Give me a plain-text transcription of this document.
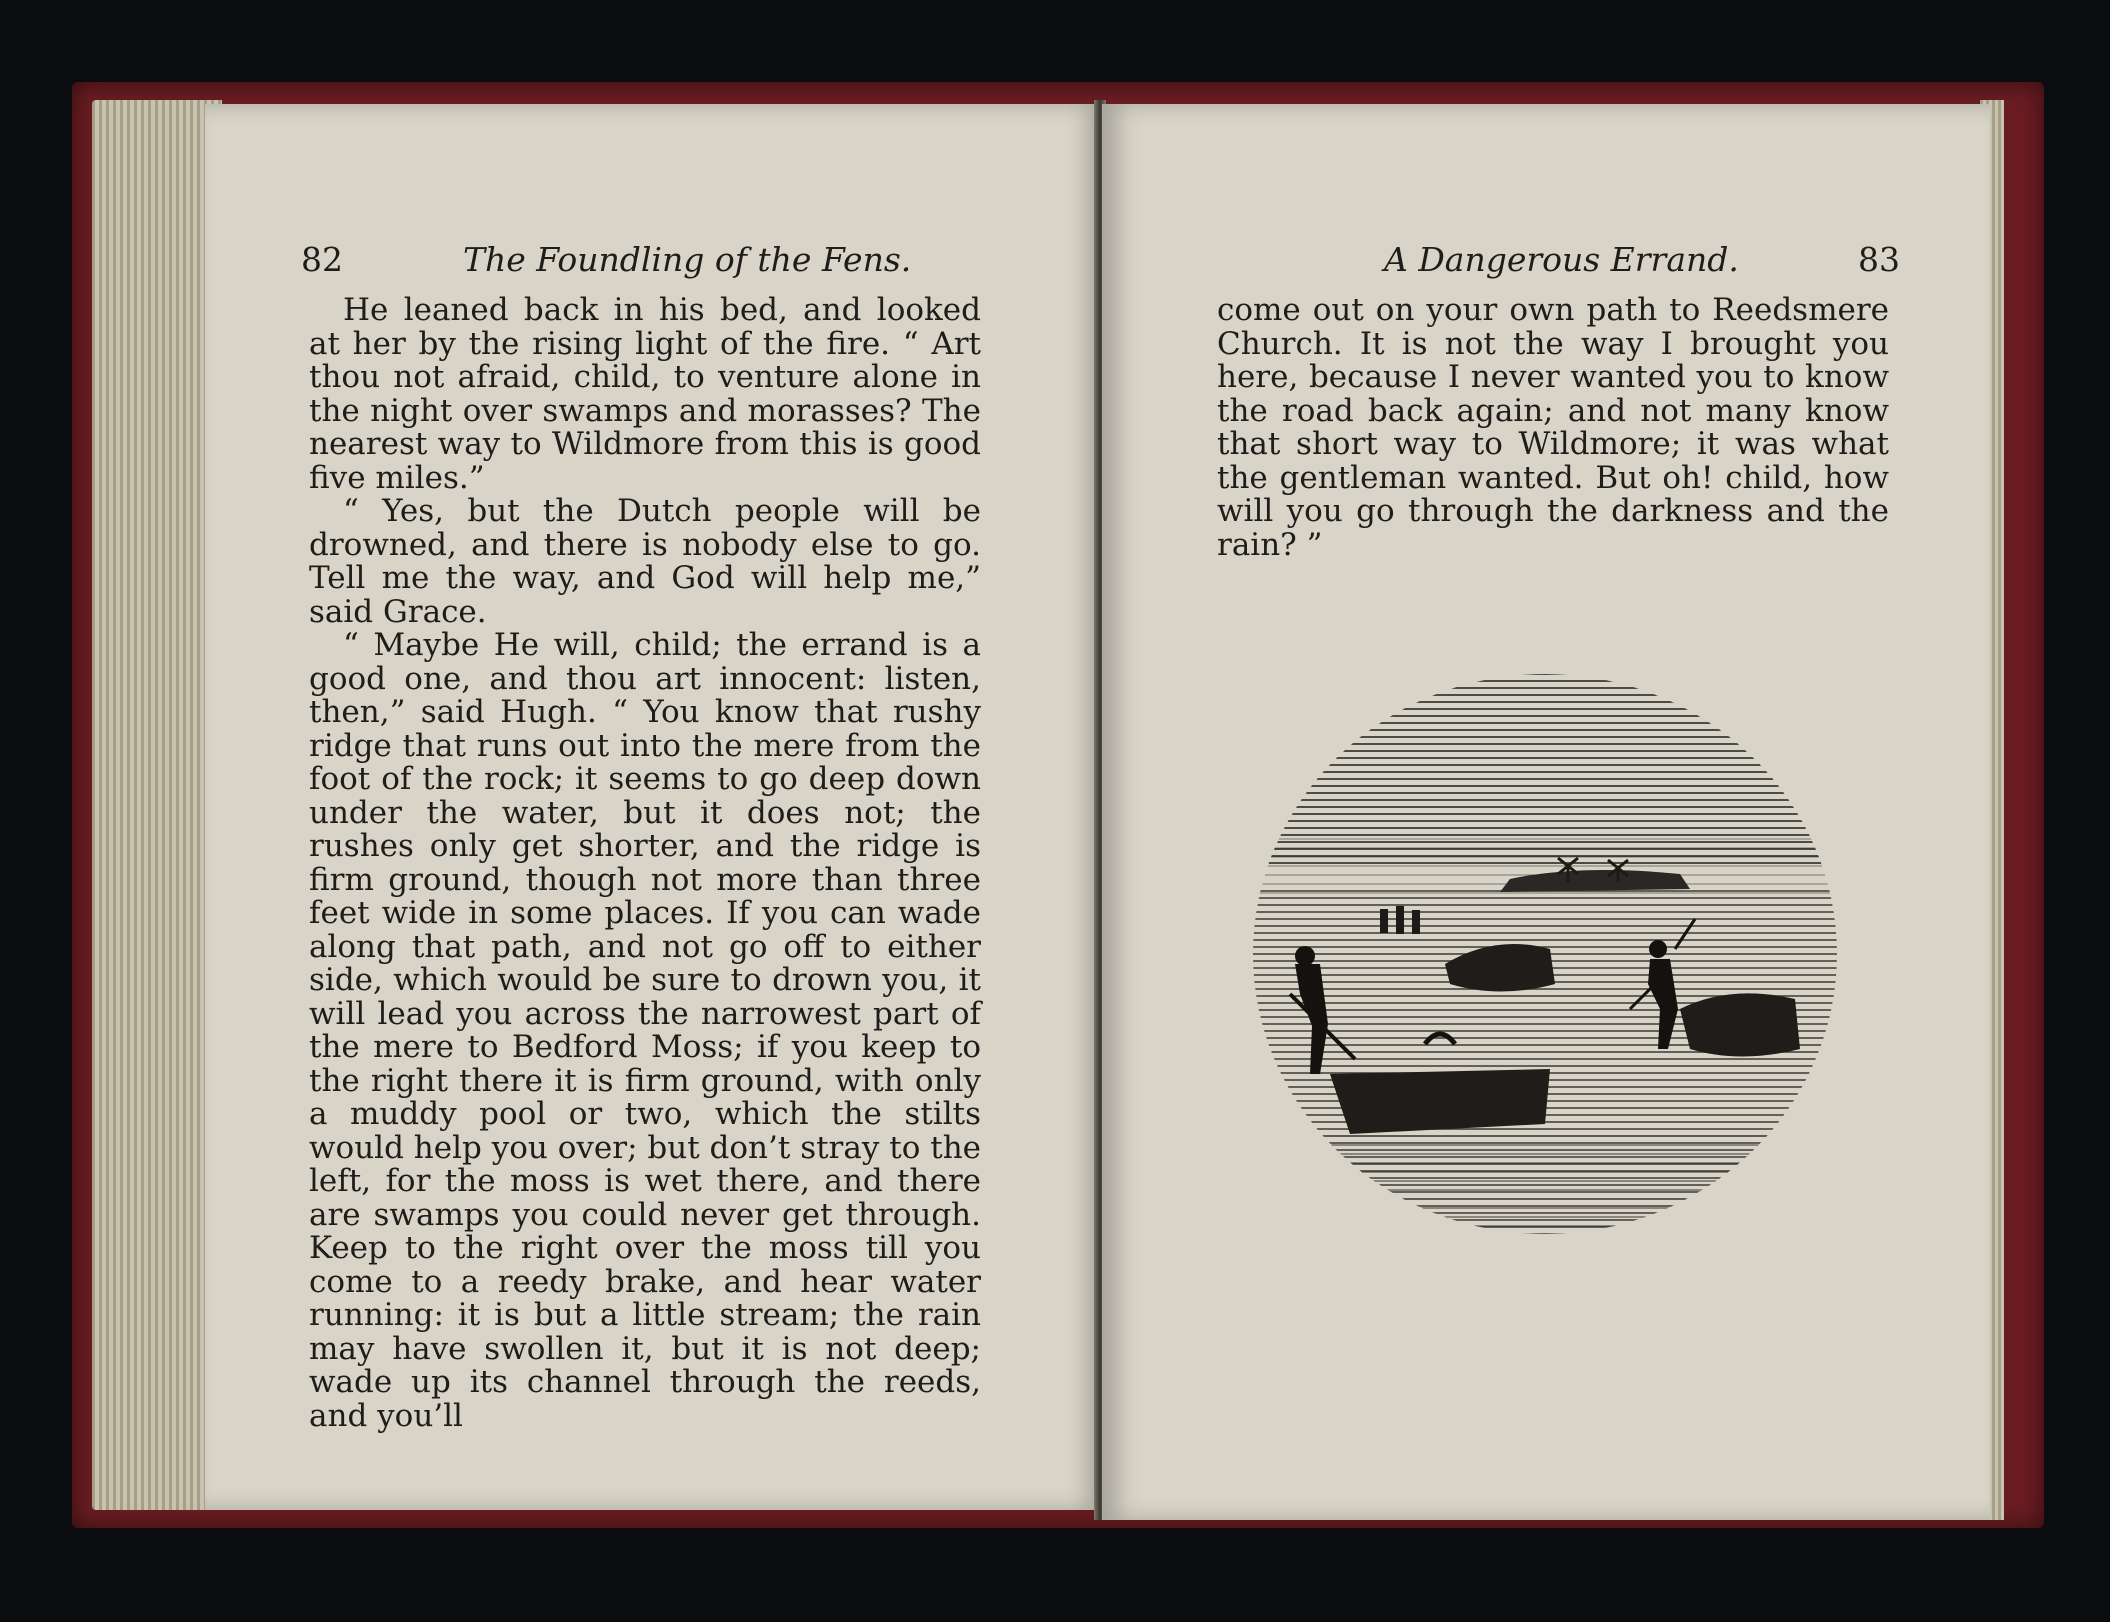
82	The Foundling of the Fens.

He leaned back in his bed, and looked at her by the rising light of the fire. “ Art thou not afraid, child, to venture alone in the night over swamps and morasses? The nearest way to Wildmore from this is good five miles.”

“ Yes, but the Dutch people will be drowned, and there is nobody else to go. Tell me the way, and God will help me,” said Grace.

“ Maybe He will, child; the errand is a good one, and thou art innocent: listen, then,” said Hugh. “ You know that rushy ridge that runs out into the mere from the foot of the rock; it seems to go deep down under the water, but it does not; the rushes only get shorter, and the ridge is firm ground, though not more than three feet wide in some places. If you can wade along that path, and not go off to either side, which would be sure to drown you, it will lead you across the narrowest part of the mere to Bedford Moss; if you keep to the right there it is firm ground, with only a muddy pool or two, which the stilts would help you over; but don’t stray to the left, for the moss is wet there, and there are swamps you could never get through. Keep to the right over the moss till you come to a reedy brake, and hear water running: it is but a little stream; the rain may have swollen it, but it is not deep; wade up its channel through the reeds, and you’ll

A Dangerous Errand.	83

come out on your own path to Reedsmere Church. It is not the way I brought you here, because I never wanted you to know the road back again; and not many know that short way to Wildmore; it was what the gentleman wanted. But oh! child, how will you go through the darkness and the rain? ”
